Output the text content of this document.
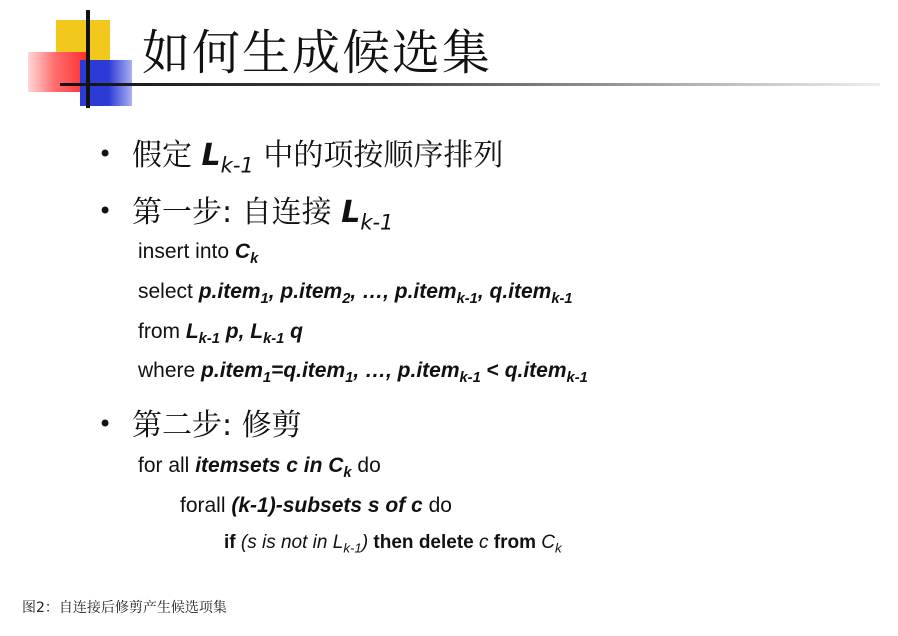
如何生成候选集
• 假定 $L_{k-1}$ 中的项按顺序排列
• 第一步: 自连接 $L_{k-1}$
insert into $C_k$
select p.item$_1$, p.item$_2$, …, p.item$_{k-1}$, q.item$_{k-1}$
from $L_{k-1}$ p, $L_{k-1}$ q
where p.item$_1$=q.item$_1$, …, p.item$_{k-1}$ < q.item$_{k-1}$
• 第二步: 修剪
for all itemsets c in $C_k$ do
forall (k-1)-subsets s of c do
if (s is not in $L_{k-1}$) then delete c from $C_k$
图2：自连接后修剪产生候选项集
